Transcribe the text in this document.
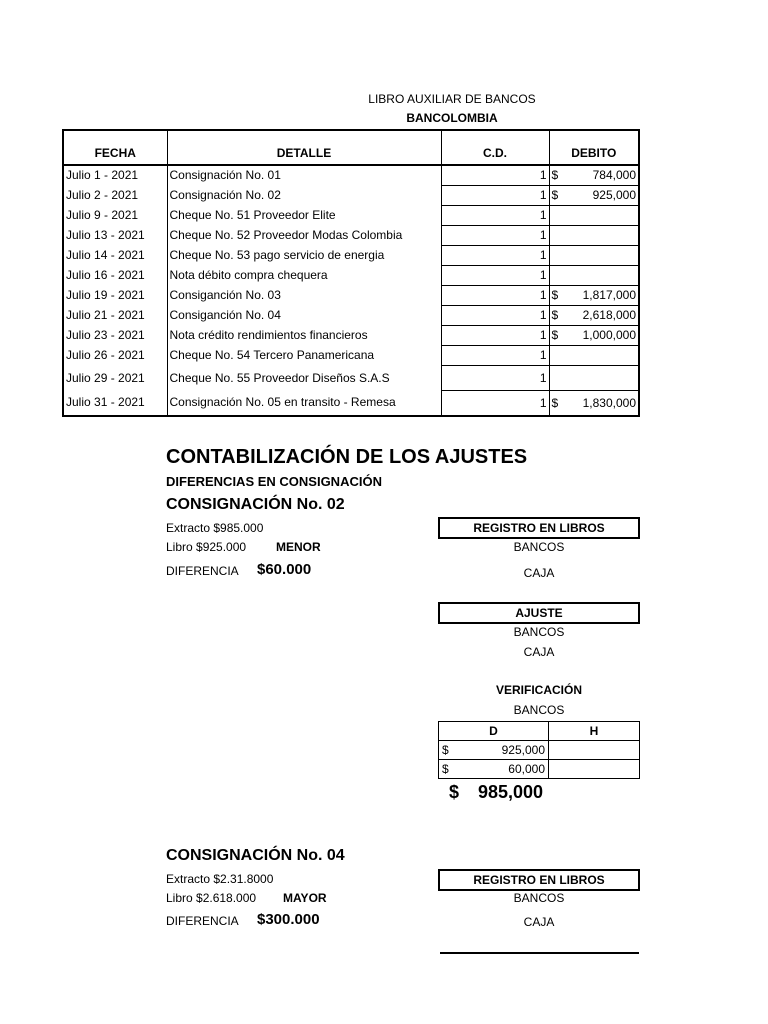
LIBRO AUXILIAR DE BANCOS
BANCOLOMBIA
FECHA	DETALLE	C.D.	DEBITO
Julio 1 - 2021	Consignación No. 01	1	$ 784,000

Julio 2 - 2021	Consignación No. 02	1	$ 925,000

Julio 9 - 2021	Cheque No. 51 Proveedor Elite	1	

Julio 13 - 2021	Cheque No. 52 Proveedor Modas Colombia	1	

Julio 14 - 2021	Cheque No. 53 pago servicio de energia	1	

Julio 16 - 2021	Nota débito compra chequera	1	

Julio 19 - 2021	Consiganción No. 03	1	$ 1,817,000

Julio 21 - 2021	Consiganción No. 04	1	$ 2,618,000

Julio 23 - 2021	Nota crédito rendimientos financieros	1	$ 1,000,000

Julio 26 - 2021	Cheque No. 54 Tercero Panamericana	1	

Julio 29 - 2021	Cheque No. 55 Proveedor Diseños S.A.S	1	

Julio 31 - 2021	Consignación No. 05 en transito - Remesa	1	$ 1,830,000
CONTABILIZACIÓN DE LOS AJUSTES
DIFERENCIAS EN CONSIGNACIÓN
CONSIGNACIÓN No. 02
Extracto $985.000
Libro $925.000 MENOR
DIFERENCIA $60.000
REGISTRO EN LIBROS
BANCOS
CAJA
AJUSTE
BANCOS
CAJA
VERIFICACIÓN
BANCOS
D	H

$ 925,000	

$ 60,000	

$ 985,000
CONSIGNACIÓN No. 04
Extracto $2.31.8000
Libro $2.618.000 MAYOR
DIFERENCIA $300.000
REGISTRO EN LIBROS
BANCOS
CAJA
